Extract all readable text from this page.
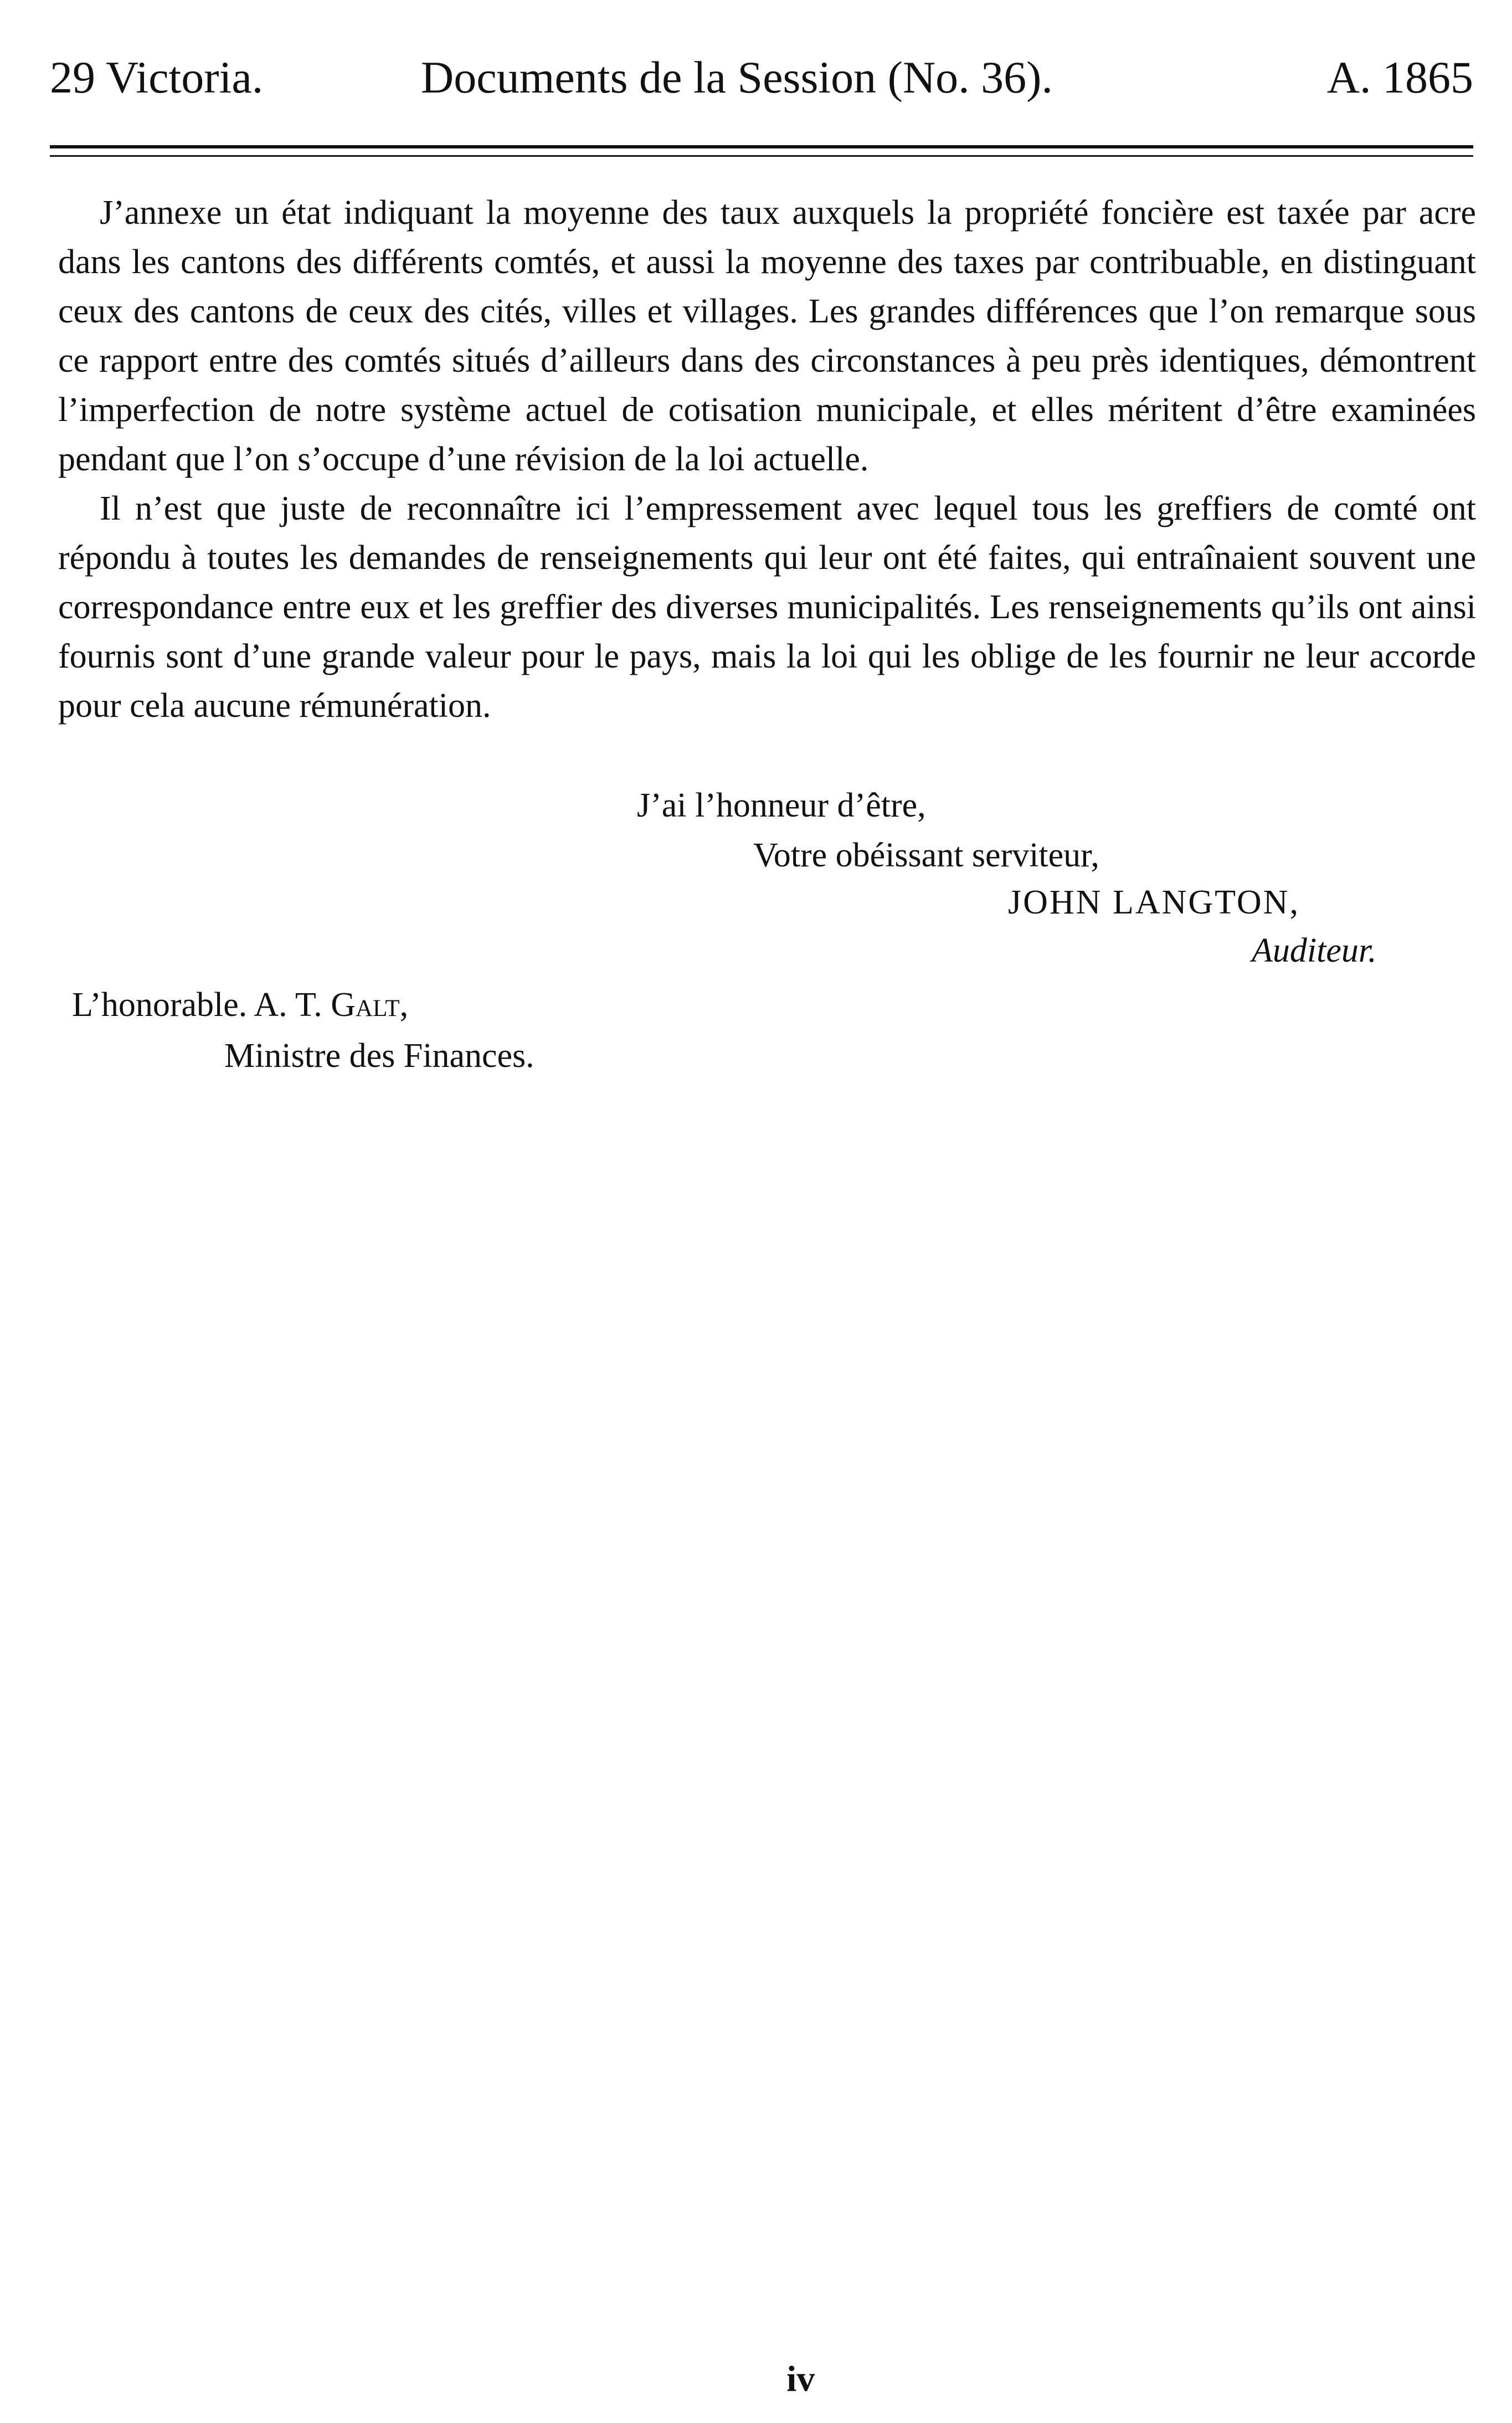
29 Victoria.	Documents de la Session (No. 36).	A. 1865

J’annexe un état indiquant la moyenne des taux auxquels la propriété foncière est taxée par acre dans les cantons des différents comtés, et aussi la moyenne des taxes par contribuable, en distinguant ceux des cantons de ceux des cités, villes et villages. Les grandes différences que l’on remarque sous ce rapport entre des comtés situés d’ailleurs dans des circonstances à peu près identiques, démontrent l’imperfection de notre système actuel de cotisation municipale, et elles méritent d’être examinées pendant que l’on s’occupe d’une révision de la loi actuelle.

Il n’est que juste de reconnaître ici l’empressement avec lequel tous les greffiers de comté ont répondu à toutes les demandes de renseignements qui leur ont été faites, qui entraînaient souvent une correspondance entre eux et les greffier des diverses municipalités. Les renseignements qu’ils ont ainsi fournis sont d’une grande valeur pour le pays, mais la loi qui les oblige de les fournir ne leur accorde pour cela aucune rémunération.

J’ai l’honneur d’être,
Votre obéissant serviteur,
JOHN LANGTON,
Auditeur.
L’honorable. A. T. Galt,
Ministre des Finances.
iv
